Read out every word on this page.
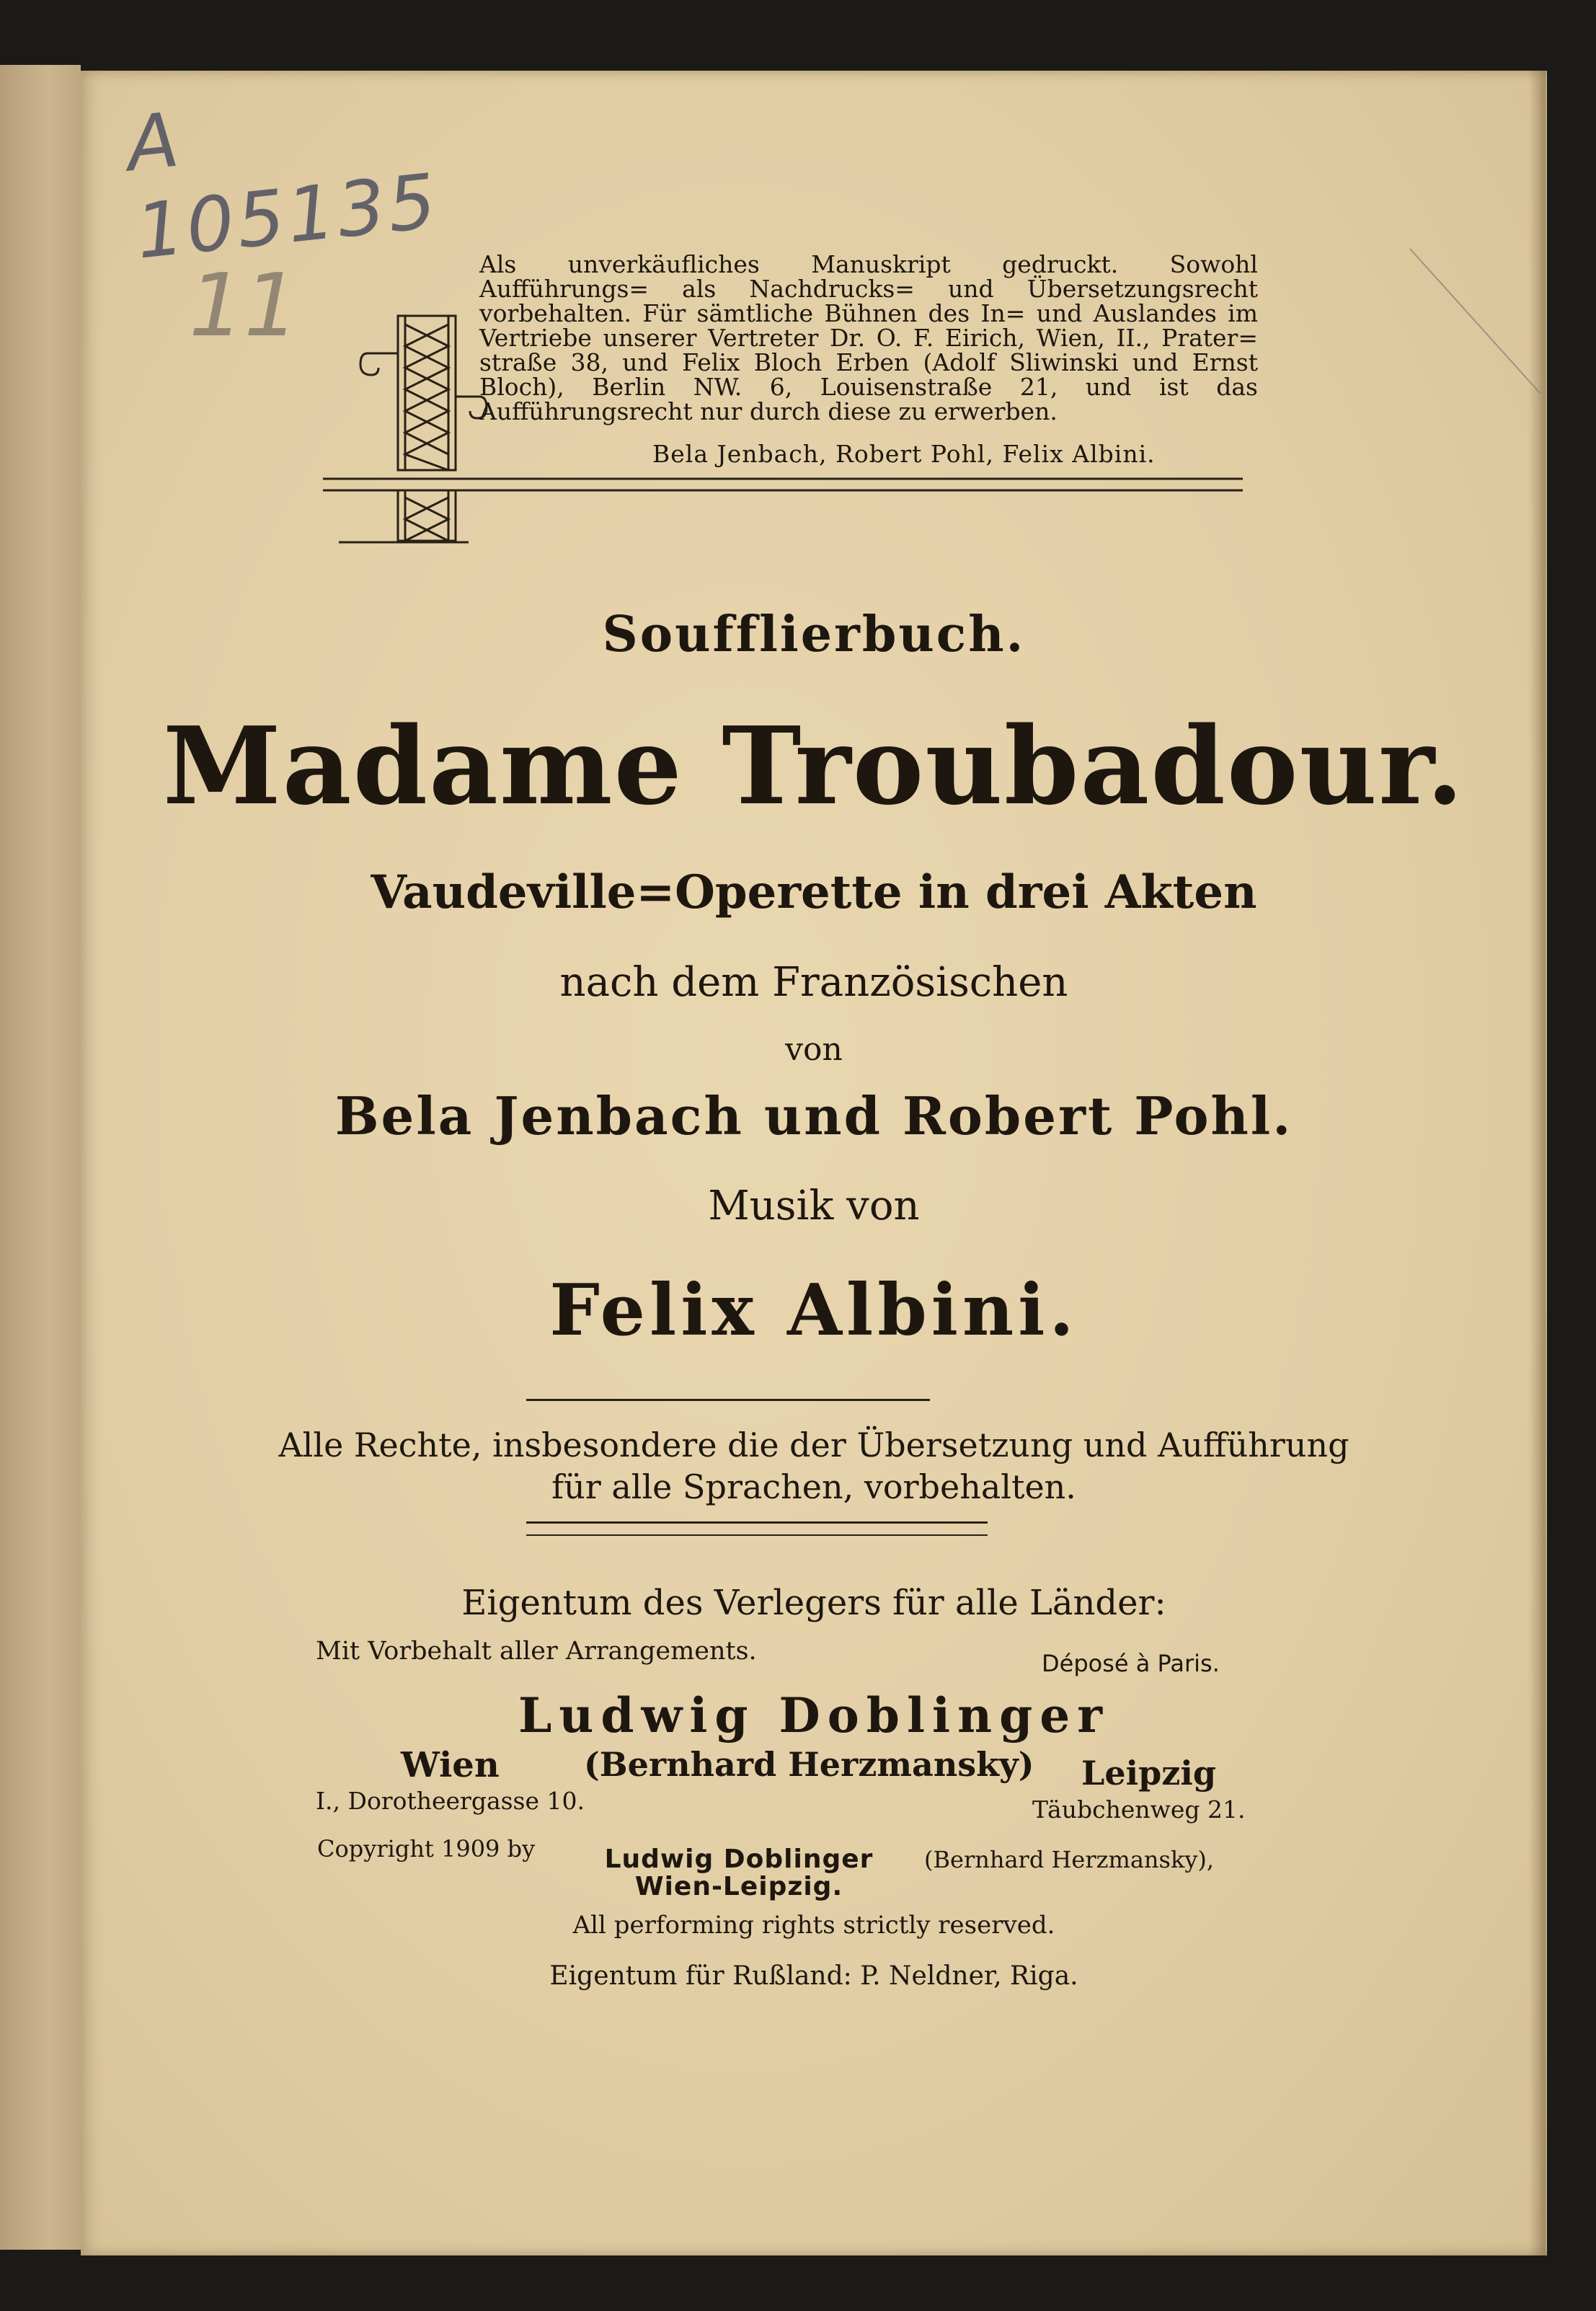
A 105135
11	Als unverkäufliches Manuskript gedruckt. Sowohl Aufführungs= als Nachdrucks= und Übersetzungsrecht vorbehalten. Für sämtliche Bühnen des In= und Auslandes im Vertriebe unserer Vertreter Dr. O. F. Eirich, Wien, II., Prater= straße 38, und Felix Bloch Erben (Adolf Sliwinski und Ernst Bloch), Berlin NW. 6, Louisenstraße 21, und ist das Aufführungsrecht nur durch diese zu erwerben.
Bela Jenbach, Robert Pohl, Felix Albini.
Soufflierbuch.
Madame Troubadour.
Vaudeville=Operette in drei Akten
nach dem Französischen
von
Bela Jenbach und Robert Pohl.
Musik von
Felix Albini.
Alle Rechte, insbesondere die der Übersetzung und Aufführung
für alle Sprachen, vorbehalten.
Eigentum des Verlegers für alle Länder:
Mit Vorbehalt aller Arrangements.	Déposé à Paris.
Ludwig Doblinger
Wien
I., Dorotheergasse 10.
(Bernhard Herzmansky) Leipzig
Täubchenweg 21.
Copyright 1909 by	Ludwig Doblinger
Wien-Leipzig.
(Bernhard Herzmansky),
All performing rights strictly reserved.
Eigentum für Rußland: P. Neldner, Riga.
